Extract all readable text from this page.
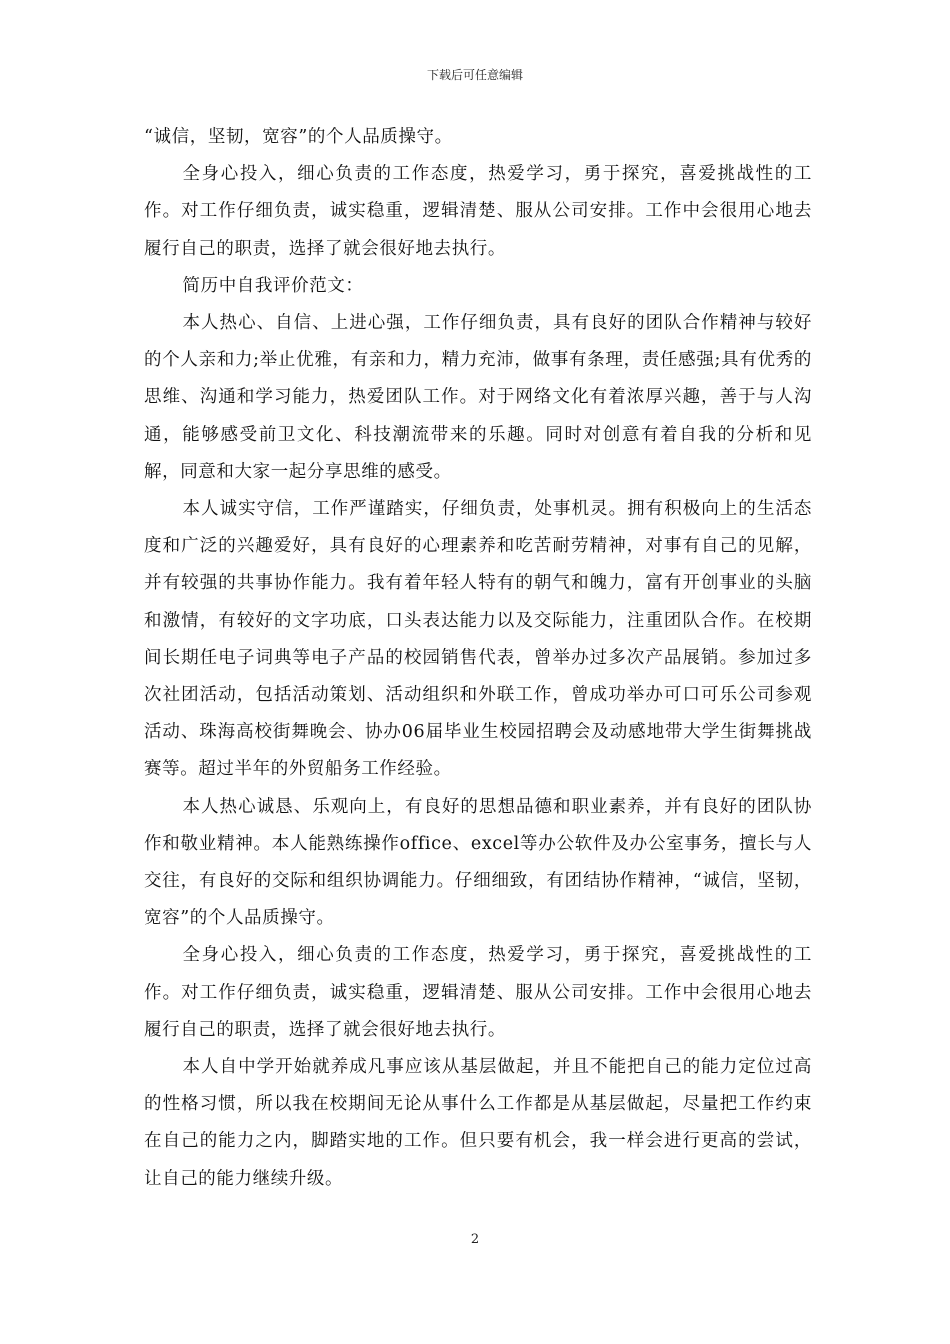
下载后可任意编辑

“诚信，坚韧，宽容”的个人品质操守。

全身心投入，细心负责的工作态度，热爱学习，勇于探究，喜爱挑战性的工作。对工作仔细负责，诚实稳重，逻辑清楚、服从公司安排。工作中会很用心地去履行自己的职责，选择了就会很好地去执行。

简历中自我评价范文：

本人热心、自信、上进心强，工作仔细负责，具有良好的团队合作精神与较好的个人亲和力;举止优雅，有亲和力，精力充沛，做事有条理，责任感强;具有优秀的思维、沟通和学习能力，热爱团队工作。对于网络文化有着浓厚兴趣，善于与人沟通，能够感受前卫文化、科技潮流带来的乐趣。同时对创意有着自我的分析和见解，同意和大家一起分享思维的感受。

本人诚实守信，工作严谨踏实，仔细负责，处事机灵。拥有积极向上的生活态度和广泛的兴趣爱好，具有良好的心理素养和吃苦耐劳精神，对事有自己的见解，并有较强的共事协作能力。我有着年轻人特有的朝气和魄力，富有开创事业的头脑和激情，有较好的文字功底，口头表达能力以及交际能力，注重团队合作。在校期间长期任电子词典等电子产品的校园销售代表，曾举办过多次产品展销。参加过多次社团活动，包括活动策划、活动组织和外联工作，曾成功举办可口可乐公司参观活动、珠海高校街舞晚会、协办06届毕业生校园招聘会及动感地带大学生街舞挑战赛等。超过半年的外贸船务工作经验。

本人热心诚恳、乐观向上，有良好的思想品德和职业素养，并有良好的团队协作和敬业精神。本人能熟练操作office、excel等办公软件及办公室事务，擅长与人交往，有良好的交际和组织协调能力。仔细细致，有团结协作精神，“诚信，坚韧，宽容”的个人品质操守。

全身心投入，细心负责的工作态度，热爱学习，勇于探究，喜爱挑战性的工作。对工作仔细负责，诚实稳重，逻辑清楚、服从公司安排。工作中会很用心地去履行自己的职责，选择了就会很好地去执行。

本人自中学开始就养成凡事应该从基层做起，并且不能把自己的能力定位过高的性格习惯，所以我在校期间无论从事什么工作都是从基层做起，尽量把工作约束在自己的能力之内，脚踏实地的工作。但只要有机会，我一样会进行更高的尝试，让自己的能力继续升级。

2
